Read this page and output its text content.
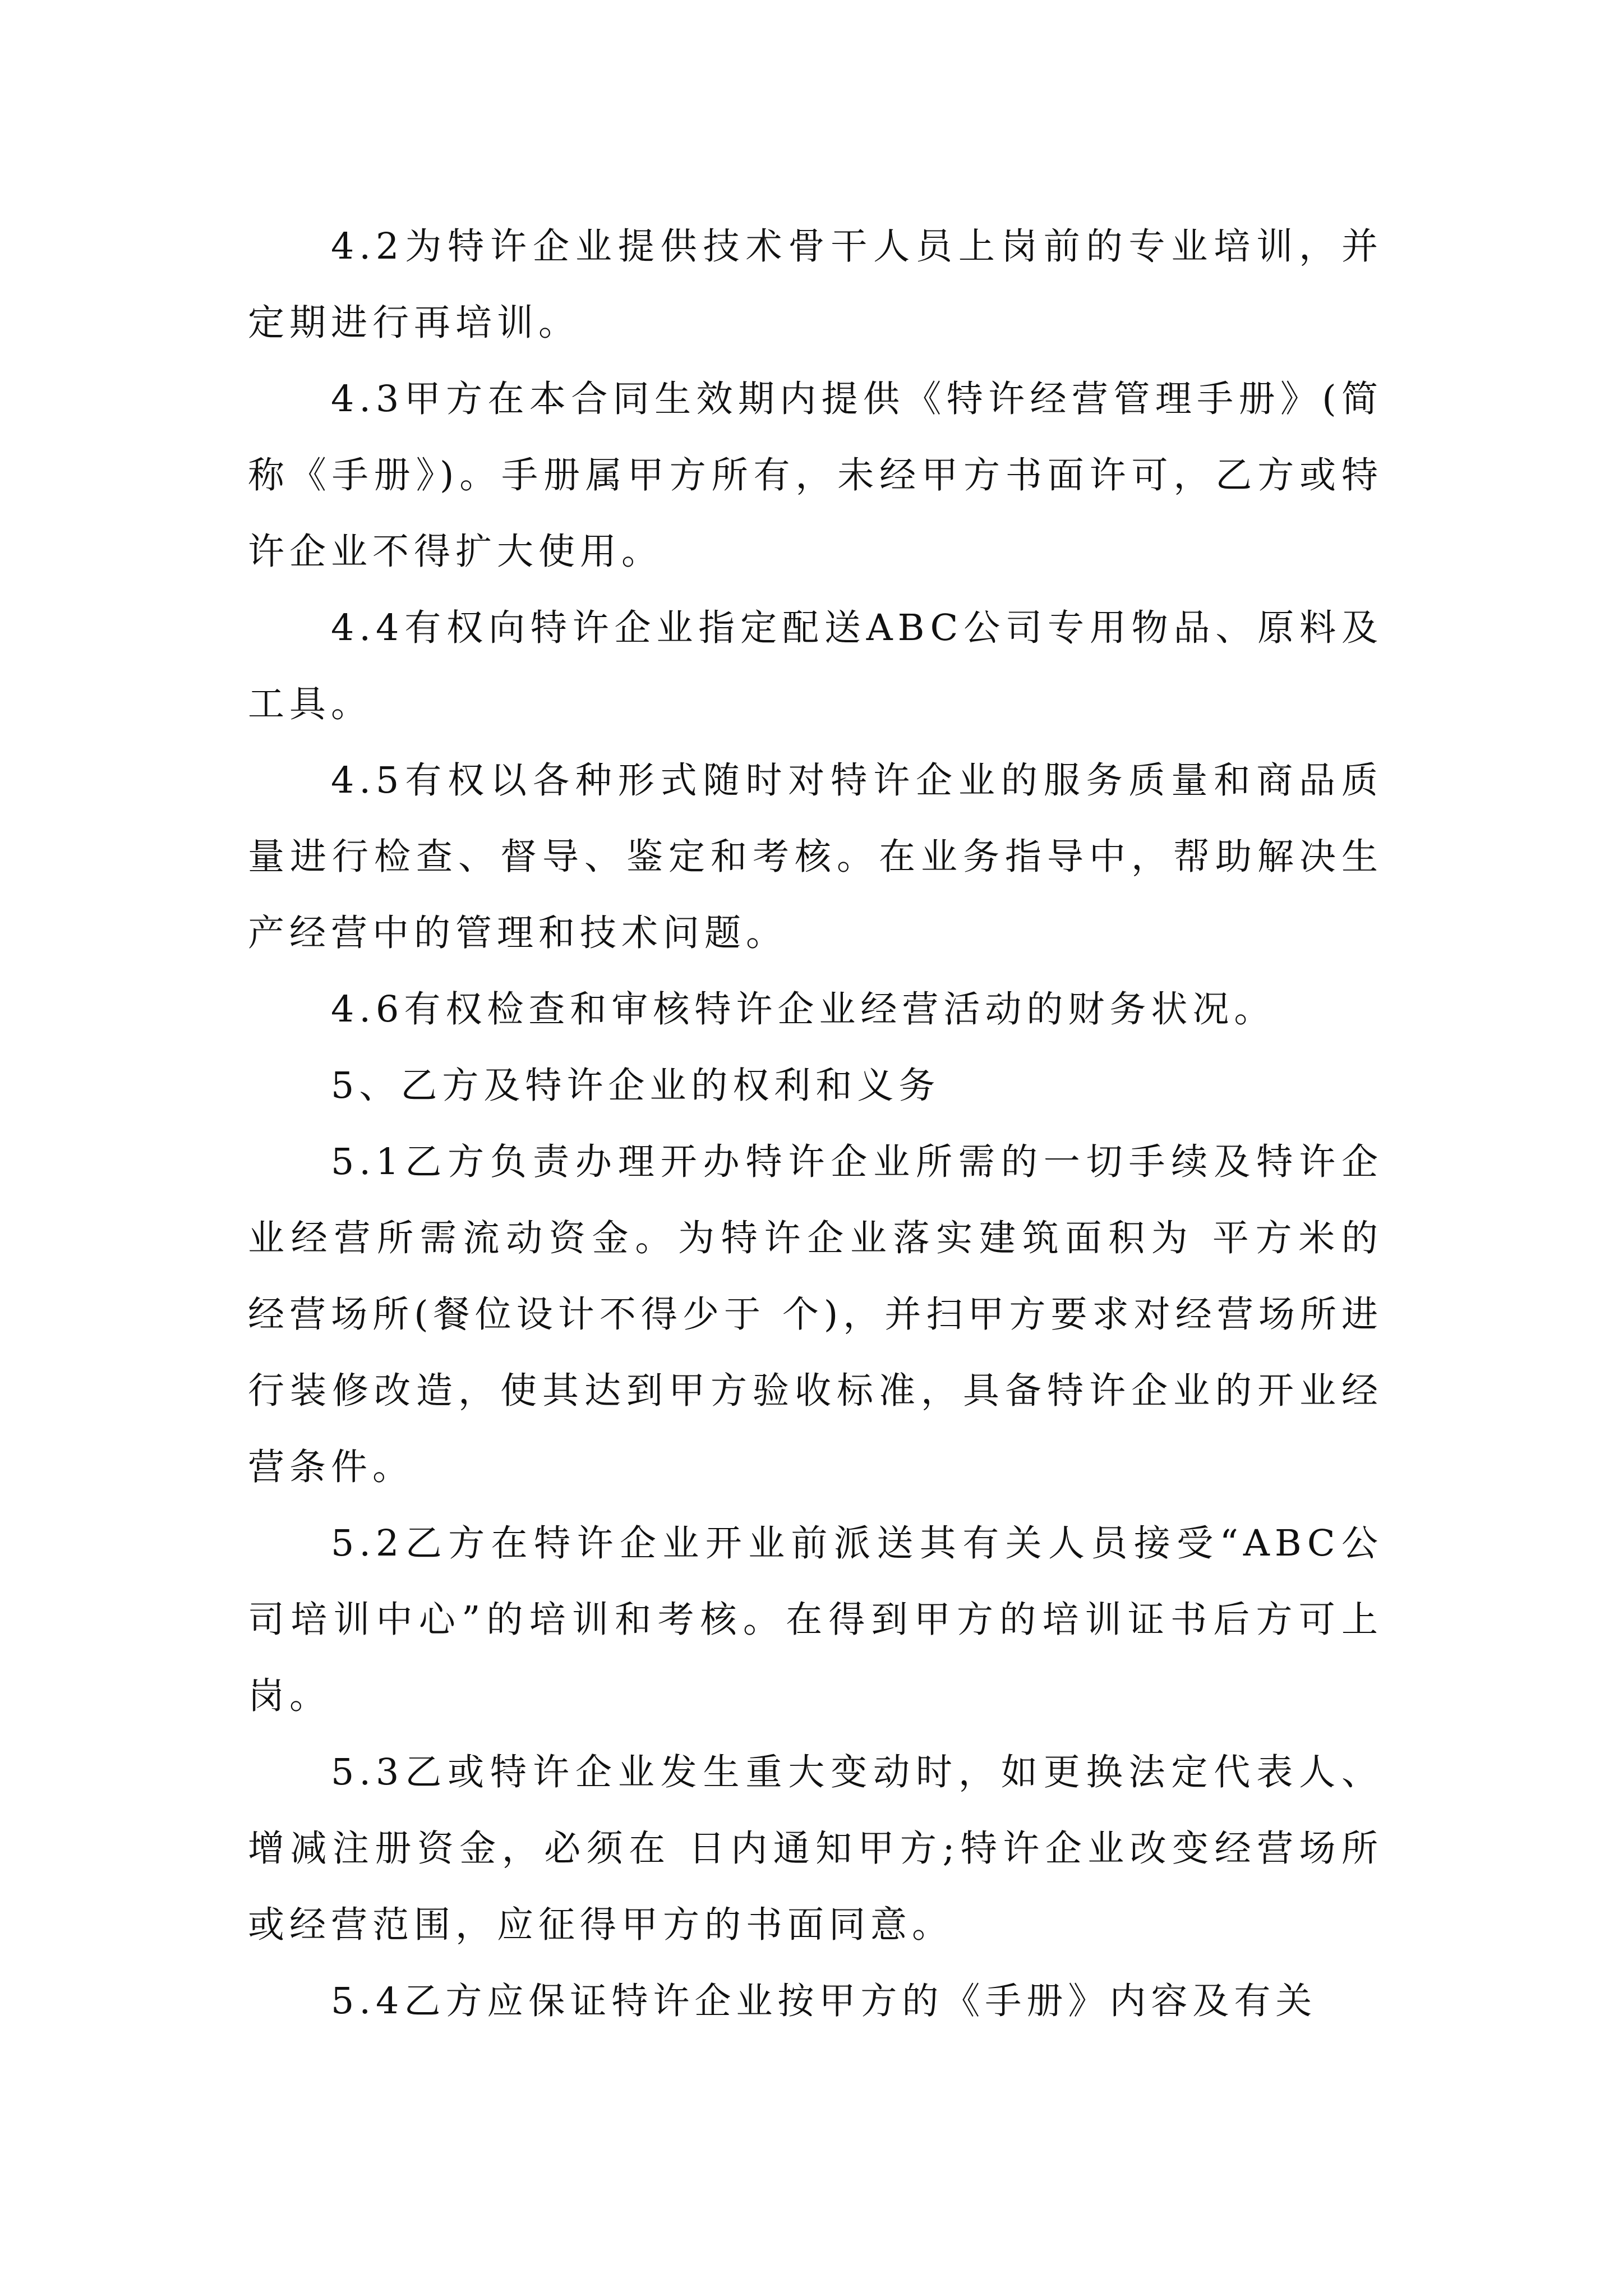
4.2为特许企业提供技术骨干人员上岗前的专业培训，并定期进行再培训。

4.3甲方在本合同生效期内提供《特许经营管理手册》(简称《手册》)。手册属甲方所有，未经甲方书面许可，乙方或特许企业不得扩大使用。

4.4有权向特许企业指定配送ABC公司专用物品、原料及工具。

4.5有权以各种形式随时对特许企业的服务质量和商品质量进行检查、督导、鉴定和考核。在业务指导中，帮助解决生产经营中的管理和技术问题。

4.6有权检查和审核特许企业经营活动的财务状况。

5、乙方及特许企业的权利和义务

5.1乙方负责办理开办特许企业所需的一切手续及特许企业经营所需流动资金。为特许企业落实建筑面积为 平方米的经营场所(餐位设计不得少于 个)，并扫甲方要求对经营场所进行装修改造，使其达到甲方验收标准，具备特许企业的开业经营条件。

5.2乙方在特许企业开业前派送其有关人员接受“ABC公司培训中心”的培训和考核。在得到甲方的培训证书后方可上岗。

5.3乙或特许企业发生重大变动时，如更换法定代表人、增减注册资金，必须在 日内通知甲方;特许企业改变经营场所或经营范围，应征得甲方的书面同意。

5.4乙方应保证特许企业按甲方的《手册》内容及有关
